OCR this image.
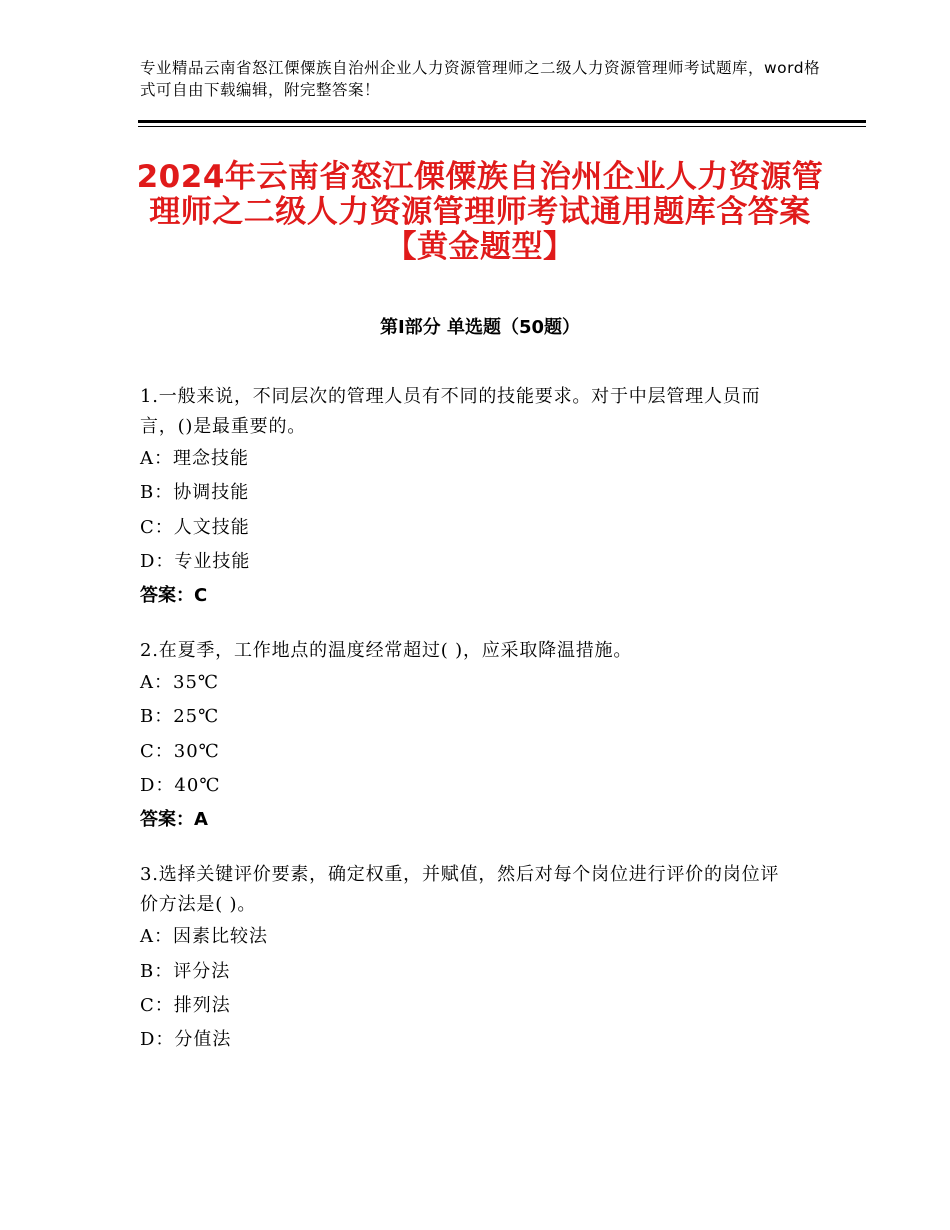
专业精品云南省怒江傈僳族自治州企业人力资源管理师之二级人力资源管理师考试题库，word格式可自由下载编辑，附完整答案！
2024年云南省怒江傈僳族自治州企业人力资源管理师之二级人力资源管理师考试通用题库含答案【黄金题型】
第Ⅰ部分 单选题（50题）
1.一般来说，不同层次的管理人员有不同的技能要求。对于中层管理人员而言，()是最重要的。
A：理念技能
B：协调技能
C：人文技能
D：专业技能
答案：C
2.在夏季，工作地点的温度经常超过( )，应采取降温措施。
A：35℃
B：25℃
C：30℃
D：40℃
答案：A
3.选择关键评价要素，确定权重，并赋值，然后对每个岗位进行评价的岗位评价方法是( )。
A：因素比较法
B：评分法
C：排列法
D：分值法
